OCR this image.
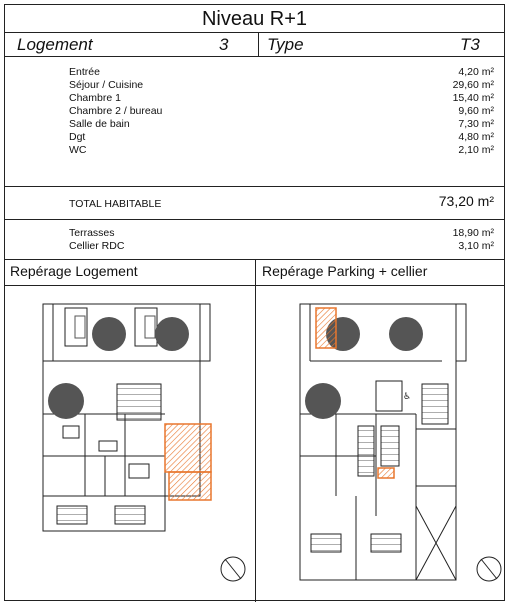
Niveau R+1
Logement	3 Type	T3
Entrée	4,20 m²
Séjour / Cuisine	29,60 m²
Chambre 1	15,40 m²
Chambre 2 / bureau	9,60 m²
Salle de bain	7,30 m²
Dgt	4,80 m²
WC	2,10 m²
TOTAL HABITABLE	73,20 m²
Terrasses	18,90 m²
Cellier RDC	3,10 m²
Repérage Logement	Repérage Parking + cellier
♿
